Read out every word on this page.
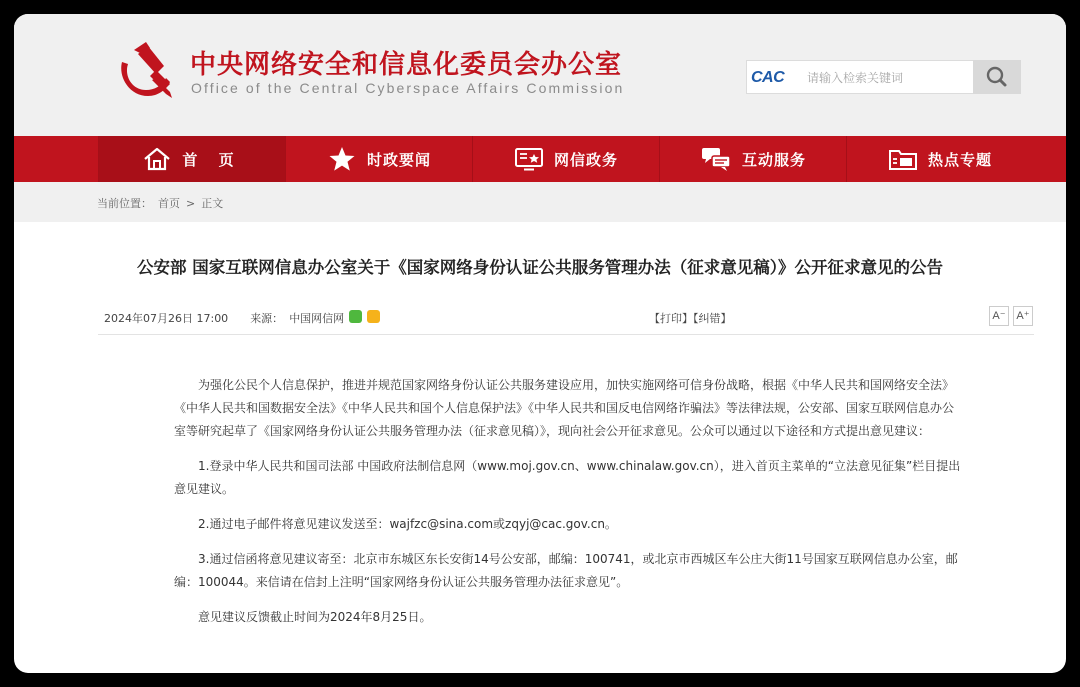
中央网络安全和信息化委员会办公室
Office of the Central Cyberspace Affairs Commission
CAC
请输入检索关键词
首 页	时政要闻	网信政务	互动服务	热点专题
当前位置： 首页 > 正文
公安部 国家互联网信息办公室关于《国家网络身份认证公共服务管理办法（征求意见稿）》公开征求意见的公告
2024年07月26日 17:00 来源： 中国网信网	【打印】【纠错】	A⁻ A⁺

为强化公民个人信息保护，推进并规范国家网络身份认证公共服务建设应用，加快实施网络可信身份战略，根据《中华人民共和国网络安全法》《中华人民共和国数据安全法》《中华人民共和国个人信息保护法》《中华人民共和国反电信网络诈骗法》等法律法规，公安部、国家互联网信息办公室等研究起草了《国家网络身份认证公共服务管理办法（征求意见稿）》，现向社会公开征求意见。公众可以通过以下途径和方式提出意见建议：

1.登录中华人民共和国司法部 中国政府法制信息网（www.moj.gov.cn、www.chinalaw.gov.cn），进入首页主菜单的“立法意见征集”栏目提出意见建议。

2.通过电子邮件将意见建议发送至：wajfzc@sina.com或zqyj@cac.gov.cn。

3.通过信函将意见建议寄至：北京市东城区东长安街14号公安部，邮编：100741，或北京市西城区车公庄大街11号国家互联网信息办公室，邮编：100044。来信请在信封上注明“国家网络身份认证公共服务管理办法征求意见”。

意见建议反馈截止时间为2024年8月25日。
